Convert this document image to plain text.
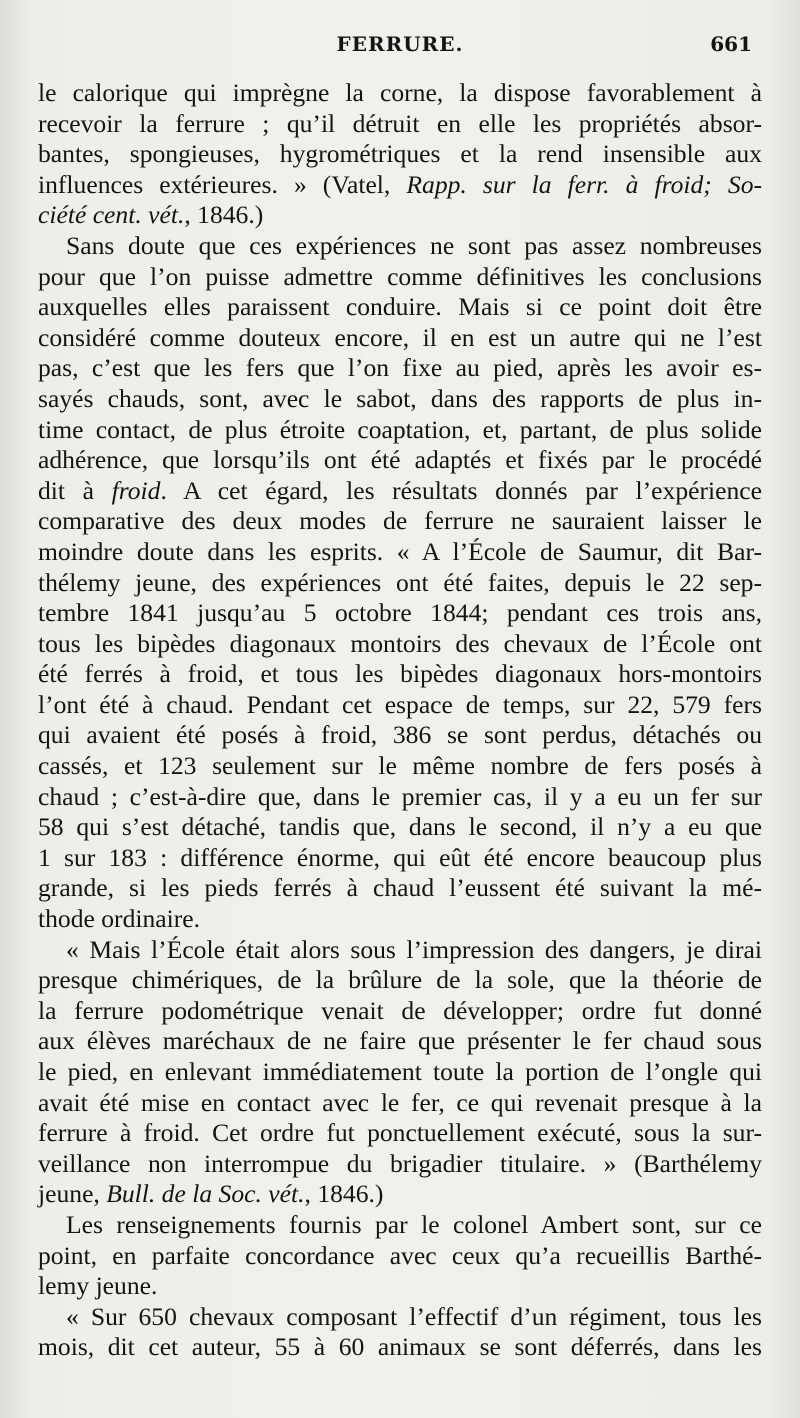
FERRURE.	661
le calorique qui imprègne la corne, la dispose favorablement à
recevoir la ferrure ; qu’il détruit en elle les propriétés absor-
bantes, spongieuses, hygrométriques et la rend insensible aux
influences extérieures. » (Vatel, Rapp. sur la ferr. à froid; So-
ciété cent. vét., 1846.)
Sans doute que ces expériences ne sont pas assez nombreuses
pour que l’on puisse admettre comme définitives les conclusions
auxquelles elles paraissent conduire. Mais si ce point doit être
considéré comme douteux encore, il en est un autre qui ne l’est
pas, c’est que les fers que l’on fixe au pied, après les avoir es-
sayés chauds, sont, avec le sabot, dans des rapports de plus in-
time contact, de plus étroite coaptation, et, partant, de plus solide
adhérence, que lorsqu’ils ont été adaptés et fixés par le procédé
dit à froid. A cet égard, les résultats donnés par l’expérience
comparative des deux modes de ferrure ne sauraient laisser le
moindre doute dans les esprits. « A l’École de Saumur, dit Bar-
thélemy jeune, des expériences ont été faites, depuis le 22 sep-
tembre 1841 jusqu’au 5 octobre 1844; pendant ces trois ans,
tous les bipèdes diagonaux montoirs des chevaux de l’École ont
été ferrés à froid, et tous les bipèdes diagonaux hors-montoirs
l’ont été à chaud. Pendant cet espace de temps, sur 22, 579 fers
qui avaient été posés à froid, 386 se sont perdus, détachés ou
cassés, et 123 seulement sur le même nombre de fers posés à
chaud ; c’est-à-dire que, dans le premier cas, il y a eu un fer sur
58 qui s’est détaché, tandis que, dans le second, il n’y a eu que
1 sur 183 : différence énorme, qui eût été encore beaucoup plus
grande, si les pieds ferrés à chaud l’eussent été suivant la mé-
thode ordinaire.
« Mais l’École était alors sous l’impression des dangers, je dirai
presque chimériques, de la brûlure de la sole, que la théorie de
la ferrure podométrique venait de développer; ordre fut donné
aux élèves maréchaux de ne faire que présenter le fer chaud sous
le pied, en enlevant immédiatement toute la portion de l’ongle qui
avait été mise en contact avec le fer, ce qui revenait presque à la
ferrure à froid. Cet ordre fut ponctuellement exécuté, sous la sur-
veillance non interrompue du brigadier titulaire. » (Barthélemy
jeune, Bull. de la Soc. vét., 1846.)
Les renseignements fournis par le colonel Ambert sont, sur ce
point, en parfaite concordance avec ceux qu’a recueillis Barthé-
lemy jeune.
« Sur 650 chevaux composant l’effectif d’un régiment, tous les
mois, dit cet auteur, 55 à 60 animaux se sont déferrés, dans les
